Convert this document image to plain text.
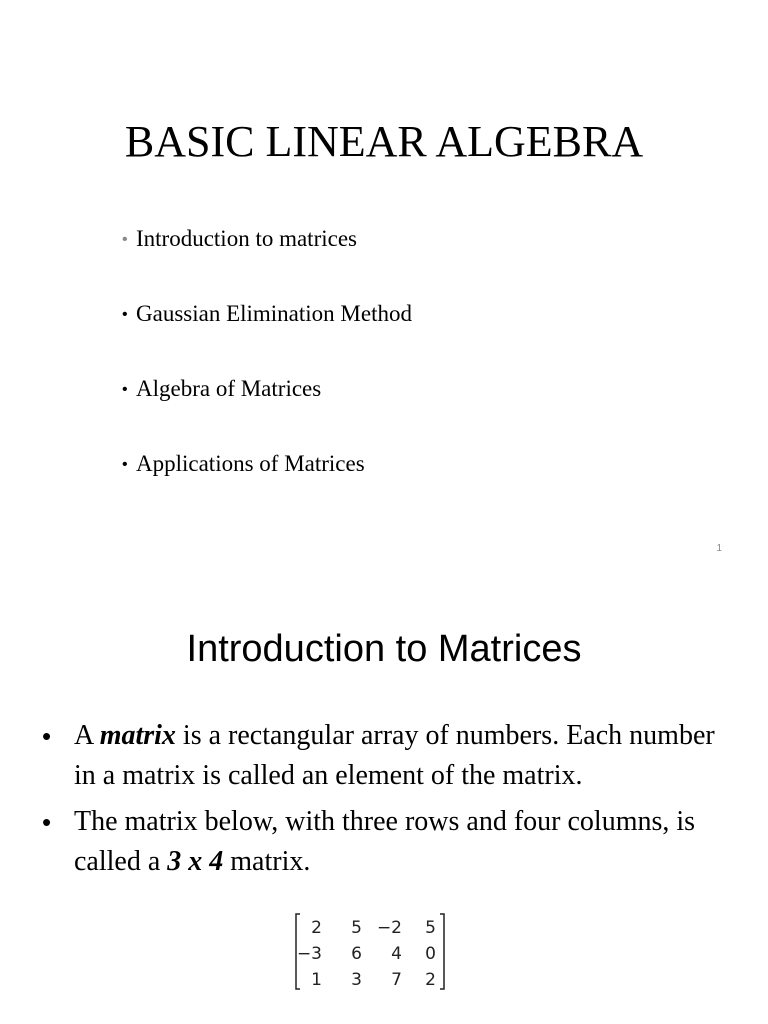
BASIC LINEAR ALGEBRA
• Introduction to matrices
• Gaussian Elimination Method
• Algebra of Matrices
• Applications of Matrices
1
Introduction to Matrices
• A matrix is a rectangular array of numbers. Each number in a matrix is called an element of the matrix.
• The matrix below, with three rows and four columns, is called a 3 x 4 matrix.
2 5 −2 5
−3 6 4 0
1 3 7 2
